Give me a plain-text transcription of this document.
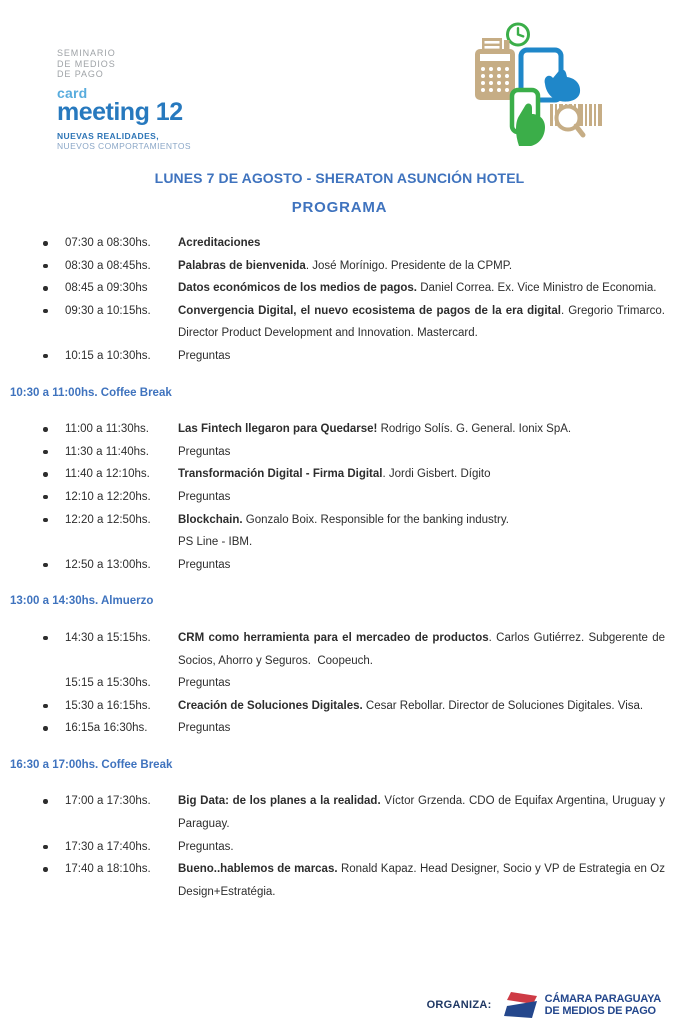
SEMINARIO
DE MEDIOS
DE PAGO
card
meeting 12
NUEVAS REALIDADES,
NUEVOS COMPORTAMIENTOS
LUNES 7 DE AGOSTO - SHERATON ASUNCIÓN HOTEL
PROGRAMA
07:30 a 08:30hs.	Acreditaciones
08:30 a 08:45hs.	Palabras de bienvenida. José Morínigo. Presidente de la CPMP.
08:45 a 09:30hs	Datos económicos de los medios de pagos. Daniel Correa. Ex. Vice Ministro de Economia.
09:30 a 10:15hs.	Convergencia Digital, el nuevo ecosistema de pagos de la era digital. Gregorio Trimarco. Director Product Development and Innovation. Mastercard.
10:15 a 10:30hs.	Preguntas
10:30 a 11:00hs. Coffee Break
11:00 a 11:30hs.	Las Fintech llegaron para Quedarse! Rodrigo Solís. G. General. Ionix SpA.
11:30 a 11:40hs.	Preguntas
11:40 a 12:10hs.	Transformación Digital - Firma Digital. Jordi Gisbert. Dígito
12:10 a 12:20hs.	Preguntas
12:20 a 12:50hs.	Blockchain. Gonzalo Boix. Responsible for the banking industry.
PS Line - IBM.
12:50 a 13:00hs.	Preguntas
13:00 a 14:30hs. Almuerzo
14:30 a 15:15hs.	CRM como herramienta para el mercadeo de productos. Carlos Gutiérrez. Subgerente de Socios, Ahorro y Seguros.  Coopeuch.
15:15 a 15:30hs.	Preguntas
15:30 a 16:15hs.	Creación de Soluciones Digitales. Cesar Rebollar. Director de Soluciones Digitales. Visa.
16:15a 16:30hs.	Preguntas
16:30 a 17:00hs. Coffee Break
17:00 a 17:30hs.	Big Data: de los planes a la realidad. Víctor Grzenda. CDO de Equifax Argentina, Uruguay y Paraguay.
17:30 a 17:40hs.	Preguntas.
17:40 a 18:10hs.	Bueno..hablemos de marcas. Ronald Kapaz. Head Designer, Socio y VP de Estrategia en Oz Design+Estratégia.
ORGANIZA:	CÁMARA PARAGUAYA
DE MEDIOS DE PAGO
